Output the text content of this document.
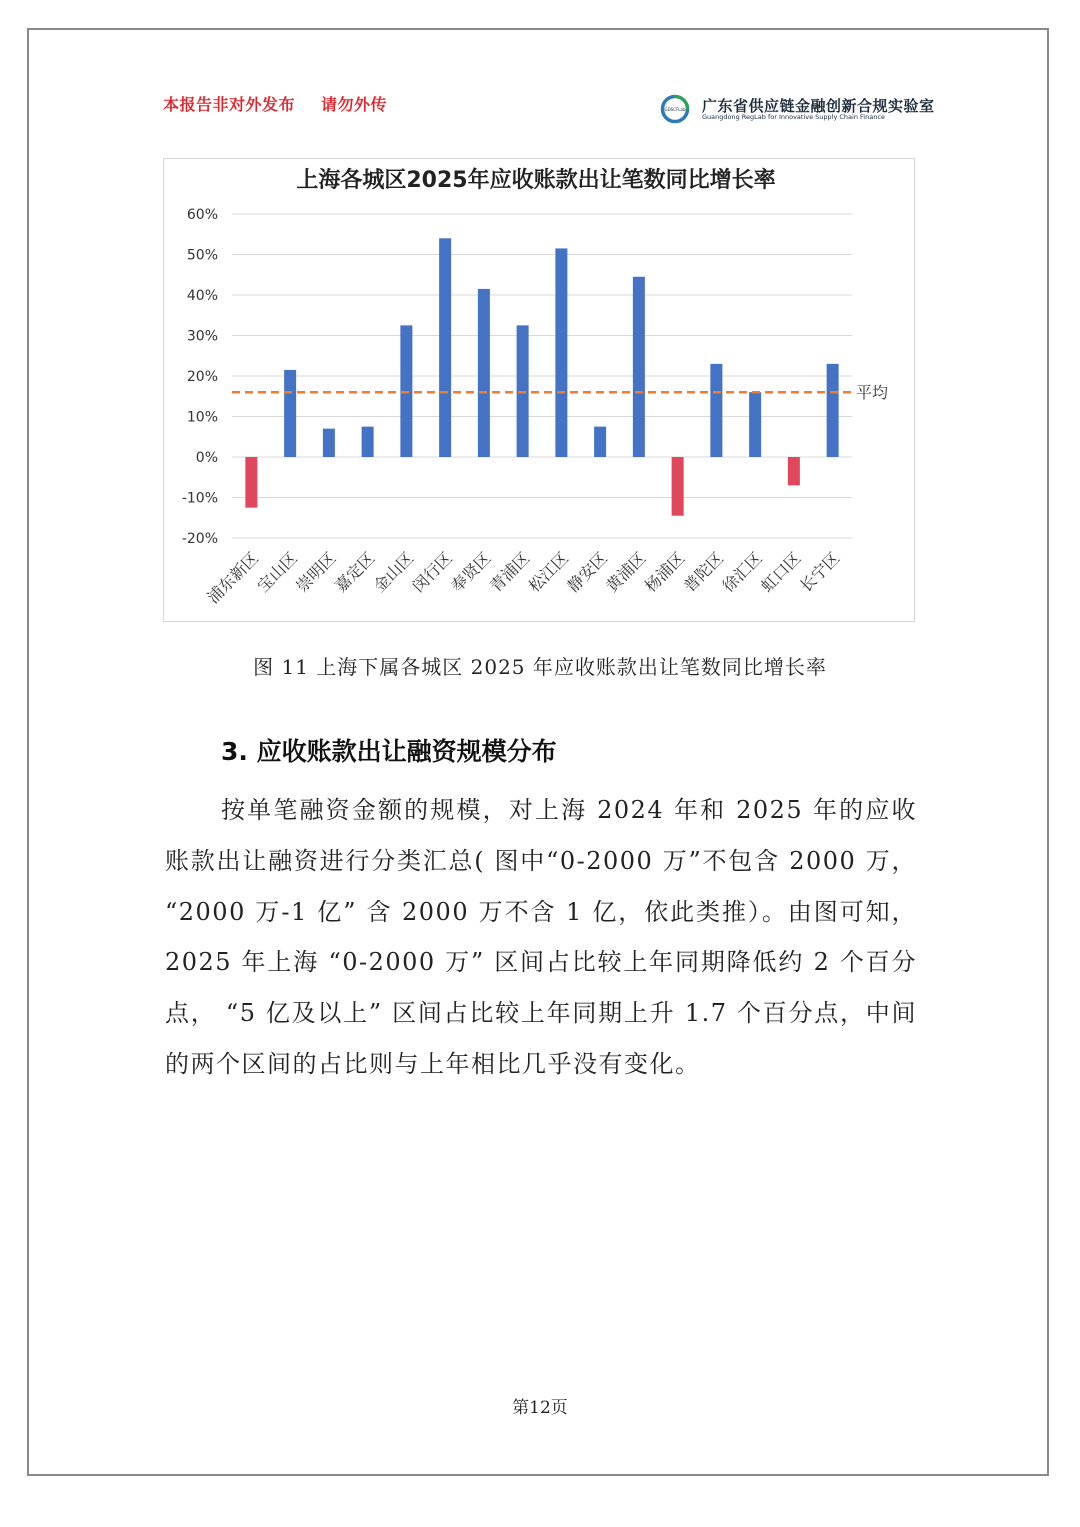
本报告非对外发布 请勿外传	GDSCFLab 广东省供应链金融创新合规实验室
Guangdong RegLab for Innovative Supply Chain Finance
上海各城区2025年应收账款出让笔数同比增长率
60%
50%
40%
30%
20%
10%
0%
-10%
-20%
平均
浦东新区
宝山区
崇明区
嘉定区
金山区
闵行区
奉贤区
青浦区
松江区
静安区
黄浦区
杨浦区
普陀区
徐汇区
虹口区
长宁区
图 11 上海下属各城区 2025 年应收账款出让笔数同比增长率
3. 应收账款出让融资规模分布
按单笔融资金额的规模，对上海 2024 年和 2025 年的应收账款出让融资进行分类汇总( 图中“0-2000 万”不包含 2000 万， “2000 万-1 亿” 含 2000 万不含 1 亿，依此类推）。由图可知，2025 年上海 “0-2000 万” 区间占比较上年同期降低约 2 个百分点， “5 亿及以上” 区间占比较上年同期上升 1.7 个百分点，中间的两个区间的占比则与上年相比几乎没有变化。
第12页
